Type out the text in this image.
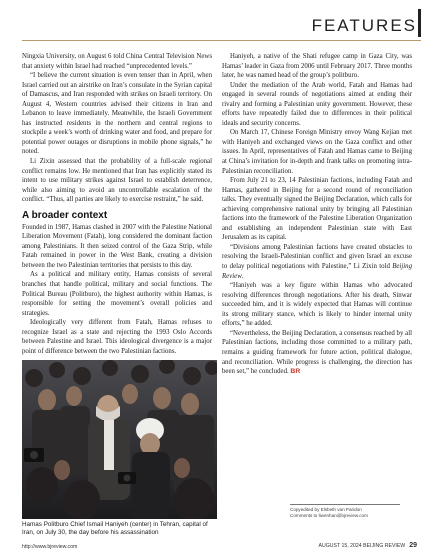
FEATURES

Ningxia University, on August 6 told China Central Television News that anxiety within Israel had reached “unprecedented levels.”

“I believe the current situation is even tenser than in April, when Israel carried out an airstrike on Iran’s consulate in the Syrian capital of Damascus, and Iran responded with strikes on Israeli territory. On August 4, Western countries advised their citizens in Iran and Lebanon to leave immediately. Meanwhile, the Israeli Government has instructed residents in the northern and central regions to stockpile a week’s worth of drinking water and food, and prepare for potential power outages or disruptions in mobile phone signals,” he noted.

Li Zixin assessed that the probability of a full-scale regional conflict remains low. He mentioned that Iran has explicitly stated its intent to use military strikes against Israel to establish deterrence, while also aiming to avoid an uncontrollable escalation of the conflict. “Thus, all parties are likely to exercise restraint,” he said.

A broader context

Founded in 1987, Hamas clashed in 2007 with the Palestine National Liberation Movement (Fatah), long considered the dominant faction among Palestinians. It then seized control of the Gaza Strip, while Fatah remained in power in the West Bank, creating a division between the two Palestinian territories that persists to this day.

As a political and military entity, Hamas consists of several branches that handle political, military and social functions. The Political Bureau (Politburo), the highest authority within Hamas, is responsible for setting the movement’s overall policies and strategies.

Ideologically very different from Fatah, Hamas refuses to recognize Israel as a state and rejecting the 1993 Oslo Accords between Palestine and Israel. This ideological divergence is a major point of difference between the two Palestinian factions.

Hamas Politburo Chief Ismail Haniyeh (center) in Tehran, capital of Iran, on July 30, the day before his assassination

Haniyeh, a native of the Shati refugee camp in Gaza City, was Hamas’ leader in Gaza from 2006 until February 2017. Three months later, he was named head of the group’s politburo.

Under the mediation of the Arab world, Fatah and Hamas had engaged in several rounds of negotiations aimed at ending their rivalry and forming a Palestinian unity government. However, these efforts have repeatedly failed due to differences in their political ideals and security concerns.

On March 17, Chinese Foreign Ministry envoy Wang Kejian met with Haniyeh and exchanged views on the Gaza conflict and other issues. In April, representatives of Fatah and Hamas came to Beijing at China’s invitation for in-depth and frank talks on promoting intra-Palestinian reconciliation.

From July 21 to 23, 14 Palestinian factions, including Fatah and Hamas, gathered in Beijing for a second round of reconciliation talks. They eventually signed the Beijing Declaration, which calls for achieving comprehensive national unity by bringing all Palestinian factions into the framework of the Palestine Liberation Organization and establishing an independent Palestinian state with East Jerusalem as its capital.

“Divisions among Palestinian factions have created obstacles to resolving the Israeli-Palestinian conflict and given Israel an excuse to delay political negotiations with Palestine,” Li Zixin told Beijing Review.

“Haniyeh was a key figure within Hamas who advocated resolving differences through negotiations. After his death, Sinwar succeeded him, and it is widely expected that Hamas will continue its strong military stance, which is likely to hinder internal unity efforts,” he added.

“Nevertheless, the Beijing Declaration, a consensus reached by all Palestinian factions, including those committed to a military path, remains a guiding framework for future action, political dialogue, and reconciliation. While progress is challenging, the direction has been set,” he concluded. BR

Copyedited by Elsbeth van Paridon
Comments to liwenhan@bjreview.com
http://www.bjreview.com	AUGUST 15, 2024 BEIJING REVIEW 29
